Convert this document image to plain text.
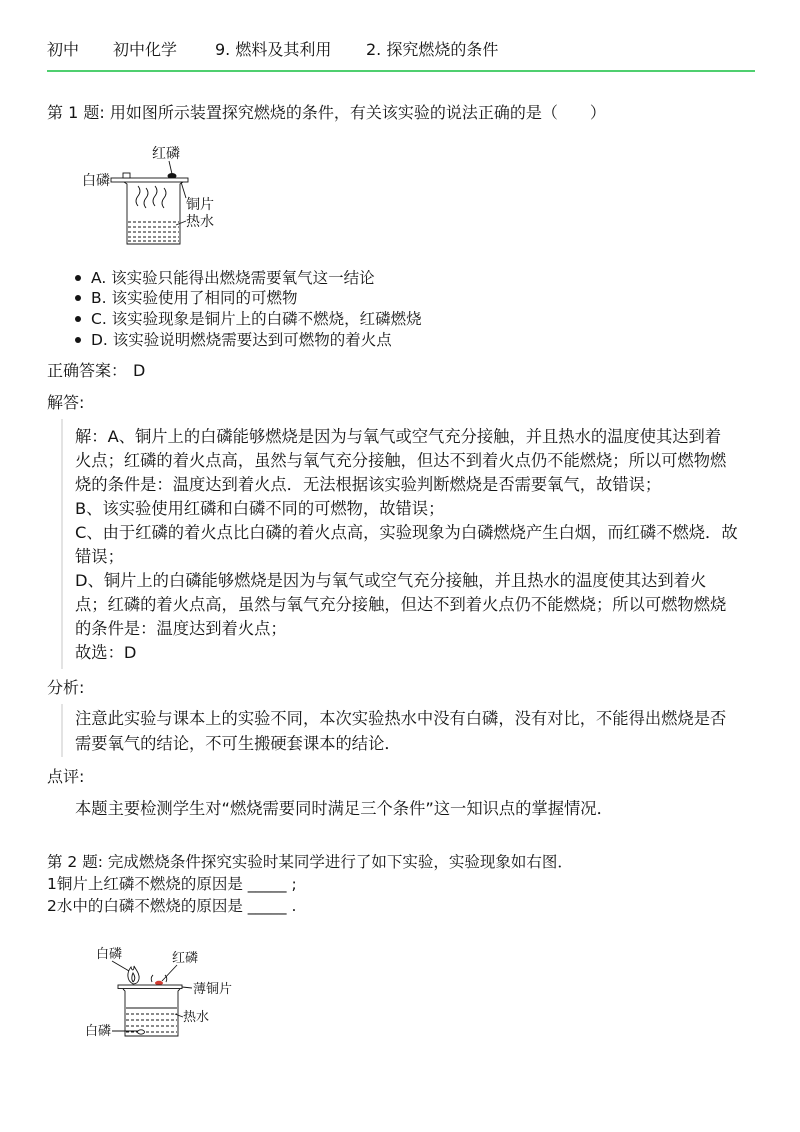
初中 初中化学 9. 燃料及其利用 2. 探究燃烧的条件
第 1 题: 用如图所示装置探究燃烧的条件，有关该实验的说法正确的是（　　）
红磷
白磷
铜片
热水
A. 该实验只能得出燃烧需要氧气这一结论
B. 该实验使用了相同的可燃物
C. 该实验现象是铜片上的白磷不燃烧，红磷燃烧
D. 该实验说明燃烧需要达到可燃物的着火点
正确答案： D
解答:
解：A、铜片上的白磷能够燃烧是因为与氧气或空气充分接触，并且热水的温度使其达到着
火点；红磷的着火点高，虽然与氧气充分接触，但达不到着火点仍不能燃烧；所以可燃物燃
烧的条件是：温度达到着火点．无法根据该实验判断燃烧是否需要氧气，故错误；
B、该实验使用红磷和白磷不同的可燃物，故错误；
C、由于红磷的着火点比白磷的着火点高，实验现象为白磷燃烧产生白烟，而红磷不燃烧．故
错误；
D、铜片上的白磷能够燃烧是因为与氧气或空气充分接触，并且热水的温度使其达到着火
点；红磷的着火点高，虽然与氧气充分接触，但达不到着火点仍不能燃烧；所以可燃物燃烧
的条件是：温度达到着火点；
故选：D
分析:
注意此实验与课本上的实验不同，本次实验热水中没有白磷，没有对比，不能得出燃烧是否
需要氧气的结论，不可生搬硬套课本的结论．
点评:
本题主要检测学生对“燃烧需要同时满足三个条件”这一知识点的掌握情况．
第 2 题: 完成燃烧条件探究实验时某同学进行了如下实验，实验现象如右图．
1铜片上红磷不燃烧的原因是 _____ ;
2水中的白磷不燃烧的原因是 _____ .
白磷	红磷
薄铜片
热水
白磷
